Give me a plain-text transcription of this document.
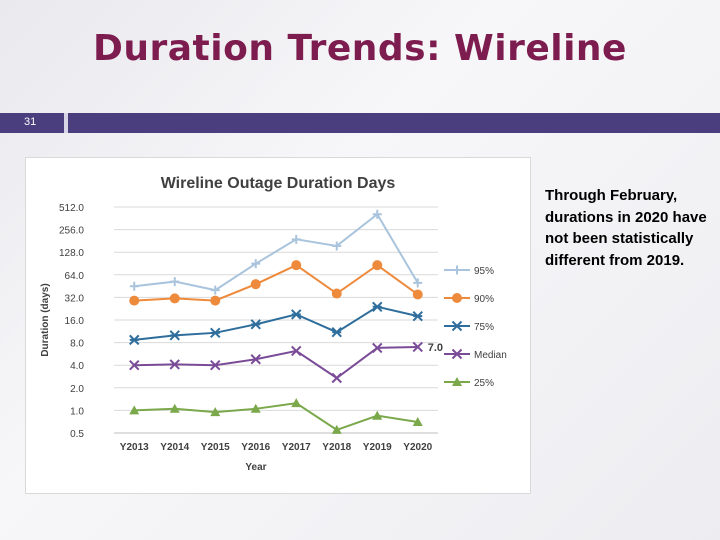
Duration Trends: Wireline
31
Wireline Outage Duration Days
512.0
256.0
128.0
64.0
32.0
16.0
8.0
4.0
2.0
1.0
0.5
Y2013 Y2014 Y2015 Y2016 Y2017 Y2018 Y2019 Y2020
Year
Duration (days)
95%
90%
75%
Median
25%
7.0
Through February, durations in 2020 have not been statistically different from 2019.
